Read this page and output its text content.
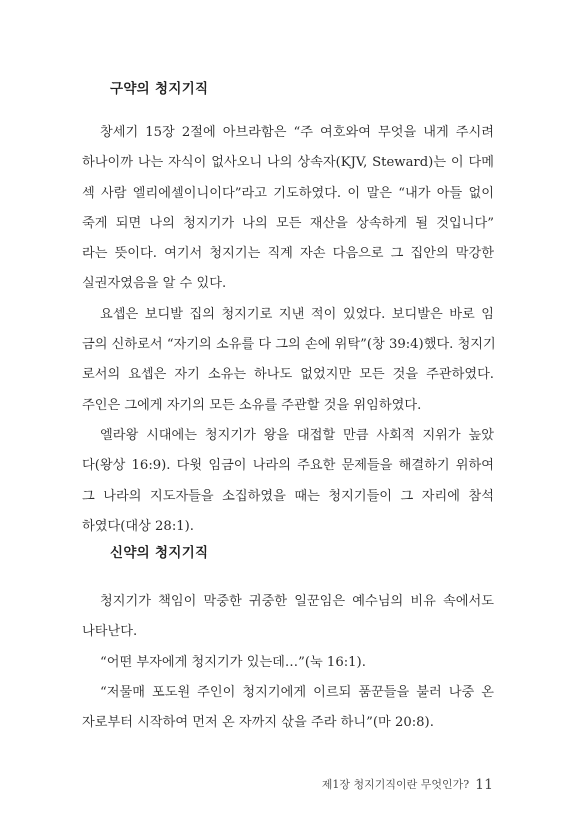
구약의 청지기직

창세기 15장 2절에 아브라함은 “주 여호와여 무엇을 내게 주시려
하나이까 나는 자식이 없사오니 나의 상속자(KJV, Steward)는 이 다메
섹 사람 엘리에셀이니이다”라고 기도하였다. 이 말은 “내가 아들 없이
죽게 되면 나의 청지기가 나의 모든 재산을 상속하게 될 것입니다”
라는 뜻이다. 여기서 청지기는 직계 자손 다음으로 그 집안의 막강한
실권자였음을 알 수 있다.

요셉은 보디발 집의 청지기로 지낸 적이 있었다. 보디발은 바로 임
금의 신하로서 “자기의 소유를 다 그의 손에 위탁”(창 39:4)했다. 청지기
로서의 요셉은 자기 소유는 하나도 없었지만 모든 것을 주관하였다.
주인은 그에게 자기의 모든 소유를 주관할 것을 위임하였다.

엘라왕 시대에는 청지기가 왕을 대접할 만큼 사회적 지위가 높았
다(왕상 16:9). 다윗 임금이 나라의 주요한 문제들을 해결하기 위하여
그 나라의 지도자들을 소집하였을 때는 청지기들이 그 자리에 참석
하였다(대상 28:1).

신약의 청지기직

청지기가 책임이 막중한 귀중한 일꾼임은 예수님의 비유 속에서도
나타난다.

“어떤 부자에게 청지기가 있는데…”(눅 16:1).

“저물매 포도원 주인이 청지기에게 이르되 품꾼들을 불러 나중 온
자로부터 시작하여 먼저 온 자까지 삯을 주라 하니”(마 20:8).

제1장 청지기직이란 무엇인가? 11
